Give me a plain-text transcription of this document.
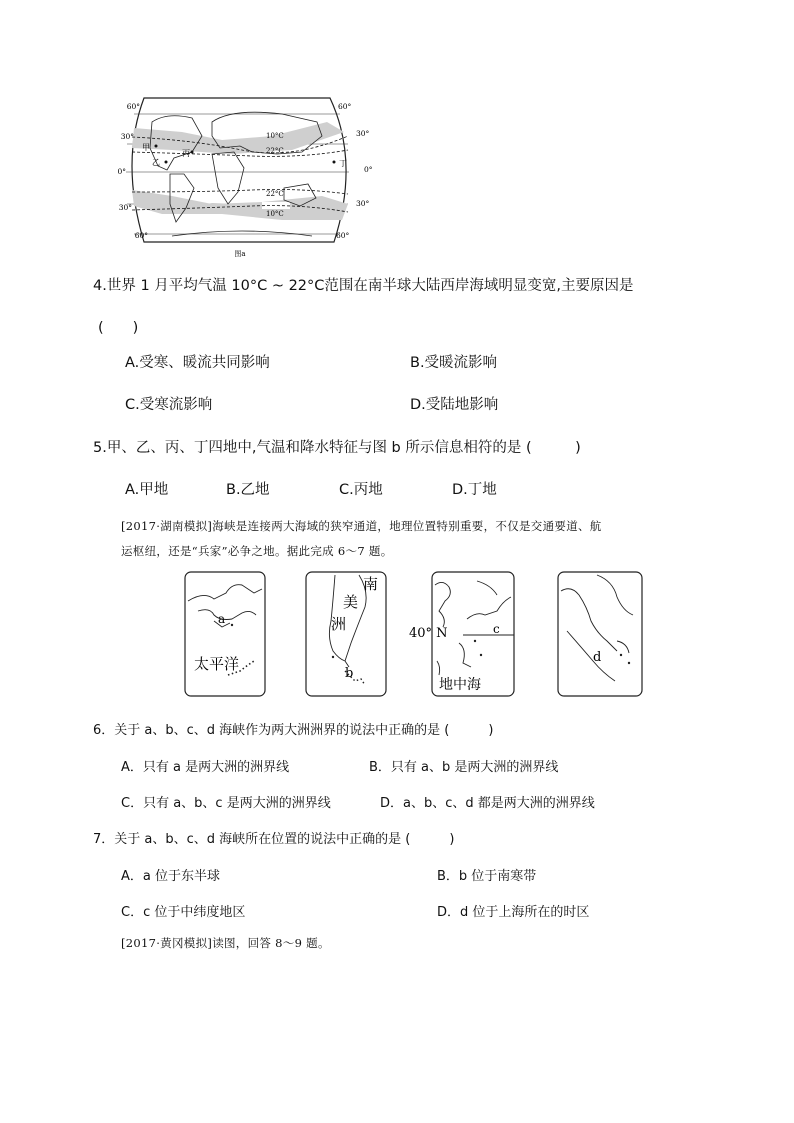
60°
30°
0°
30°
60°
60°
30°
0°
30°
60°
10°C
22°C
22°C
10°C
甲
乙
丙
丁
图a
4.世界 1 月平均气温 10°C ~ 22°C范围在南半球大陆西岸海域明显变宽,主要原因是
(　　)
A.受寒、暖流共同影响	B.受暖流影响
C.受寒流影响	D.受陆地影响
5.甲、乙、丙、丁四地中,气温和降水特征与图 b 所示信息相符的是 (　　　)
A.甲地	B.乙地	C.丙地	D.丁地
[2017·湖南模拟]海峡是连接两大海域的狭窄通道，地理位置特别重要，不仅是交通要道、航
运枢纽，还是“兵家”必争之地。据此完成 6～7 题。
a
太平洋
南
美
洲
b
40° N	c
地中海
d
6．关于 a、b、c、d 海峡作为两大洲洲界的说法中正确的是 (　　　)
A．只有 a 是两大洲的洲界线	B．只有 a、b 是两大洲的洲界线
C．只有 a、b、c 是两大洲的洲界线	D．a、b、c、d 都是两大洲的洲界线
7．关于 a、b、c、d 海峡所在位置的说法中正确的是 (　　　)
A．a 位于东半球	B．b 位于南寒带
C．c 位于中纬度地区	D．d 位于上海所在的时区
[2017·黄冈模拟]读图，回答 8～9 题。
